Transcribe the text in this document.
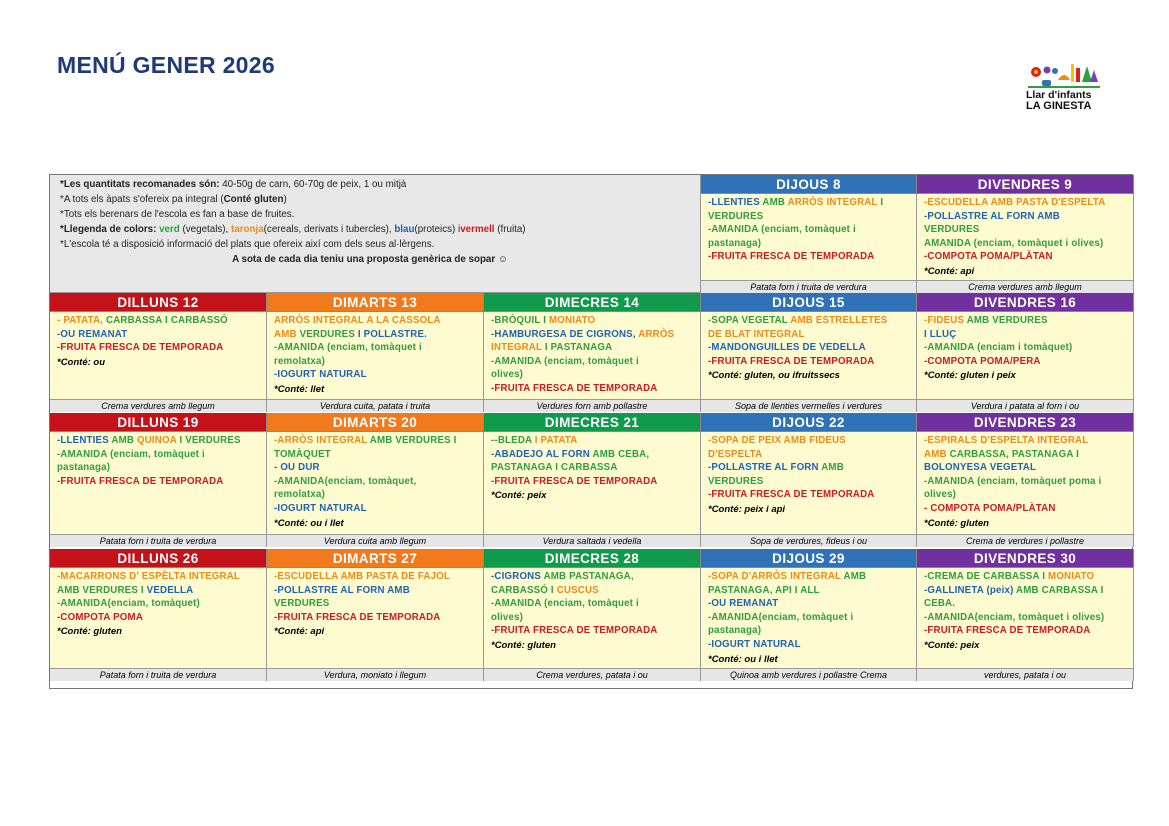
MENÚ GENER 2026
Llar d'infants
LA GINESTA
*Les quantitats recomanades són: 40-50g de carn, 60-70g de peix, 1 ou mitjà
*A tots els àpats s'ofereix pa integral (Conté gluten)
*Tots els berenars de l'escola es fan a base de fruites.
*Llegenda de colors: verd (vegetals), taronja(cereals, derivats i tubercles), blau(proteics) ivermell (fruita)
*L'escola té a disposició informació del plats que ofereix així com dels seus al·lèrgens.
A sota de cada dia teniu una proposta genèrica de sopar ☺
DIJOUS 8
-LLENTIES AMB ARRÒS INTEGRAL I
VERDURES
-AMANIDA (enciam, tomàquet i
pastanaga)
-FRUITA FRESCA DE TEMPORADA
Patata forn i truita de verdura
DIVENDRES 9
-ESCUDELLA AMB PASTA D'ESPELTA
-POLLASTRE AL FORN AMB
VERDURES
AMANIDA (enciam, tomàquet i olives)
-COMPOTA POMA/PLÀTAN
*Conté: api
Crema verdures amb llegum
DILLUNS 12
- PATATA, CARBASSA I CARBASSÓ
-OU REMANAT
-FRUITA FRESCA DE TEMPORADA
*Conté: ou
Crema verdures amb llegum
DIMARTS 13
ARRÒS INTEGRAL A LA CASSOLA
AMB VERDURES I POLLASTRE.
-AMANIDA (enciam, tomàquet i
remolatxa)
-IOGURT NATURAL
*Conté: llet
Verdura cuita, patata i truita
DIMECRES 14
-BRÒQUIL I MONIATO
-HAMBURGESA DE CIGRONS, ARRÒS
INTEGRAL I PASTANAGA
-AMANIDA (enciam, tomàquet i
olives)
-FRUITA FRESCA DE TEMPORADA
Verdures forn amb pollastre
DIJOUS 15
-SOPA VEGETAL AMB ESTRELLETES
DE BLAT INTEGRAL
-MANDONGUILLES DE VEDELLA
-FRUITA FRESCA DE TEMPORADA
*Conté: gluten, ou ifruitssecs
Sopa de llenties vermelles i verdures
DIVENDRES 16
-FIDEUS AMB VERDURES
I LLUÇ
-AMANIDA (enciam i tomàquet)
-COMPOTA POMA/PERA
*Conté: gluten i peix
Verdura i patata al forn i ou
DILLUNS 19
-LLENTIES AMB QUINOA I VERDURES
-AMANIDA (enciam, tomàquet i
pastanaga)
-FRUITA FRESCA DE TEMPORADA
Patata forn i truita de verdura
DIMARTS 20
-ARRÒS INTEGRAL AMB VERDURES I
TOMÀQUET
- OU DUR
-AMANIDA(enciam, tomàquet,
remolatxa)
-IOGURT NATURAL
*Conté: ou i llet
Verdura cuita amb llegum
DIMECRES 21
--BLEDA I PATATA
-ABADEJO AL FORN AMB CEBA,
PASTANAGA I CARBASSA
-FRUITA FRESCA DE TEMPORADA
*Conté: peix
Verdura saltada i vedella
DIJOUS 22
-SOPA DE PEIX AMB FIDEUS
D'ESPELTA
-POLLASTRE AL FORN AMB
VERDURES
-FRUITA FRESCA DE TEMPORADA
*Conté: peix i api
Sopa de verdures, fideus i ou
DIVENDRES 23
-ESPIRALS D'ESPELTA INTEGRAL
AMB CARBASSA, PASTANAGA I
BOLONYESA VEGETAL
-AMANIDA (enciam, tomàquet poma i
olives)
- COMPOTA POMA/PLÀTAN
*Conté: gluten
Crema de verdures i pollastre
DILLUNS 26
-MACARRONS D' ESPÈLTA INTEGRAL
AMB VERDURES I VEDELLA
-AMANIDA(enciam, tomàquet)
-COMPOTA POMA
*Conté: gluten
Patata forn i truita de verdura
DIMARTS 27
-ESCUDELLA AMB PASTA DE FAJOL
-POLLASTRE AL FORN AMB
VERDURES
-FRUITA FRESCA DE TEMPORADA
*Conté: api
Verdura, moniato i llegum
DIMECRES 28
-CIGRONS AMB PASTANAGA,
CARBASSÓ I CUSCUS
-AMANIDA (enciam, tomàquet i
olives)
-FRUITA FRESCA DE TEMPORADA
*Conté: gluten
Crema verdures, patata i ou
DIJOUS 29
-SOPA D'ARRÒS INTEGRAL AMB
PASTANAGA, API I ALL
-OU REMANAT
-AMANIDA(enciam, tomàquet i
pastanaga)
-IOGURT NATURAL
*Conté: ou i llet
Quinoa amb verdures i pollastre Crema
DIVENDRES 30
-CREMA DE CARBASSA I MONIATO
-GALLINETA (peix) AMB CARBASSA I
CEBA.
-AMANIDA(enciam, tomàquet i olives)
-FRUITA FRESCA DE TEMPORADA
*Conté: peix
verdures, patata i ou
